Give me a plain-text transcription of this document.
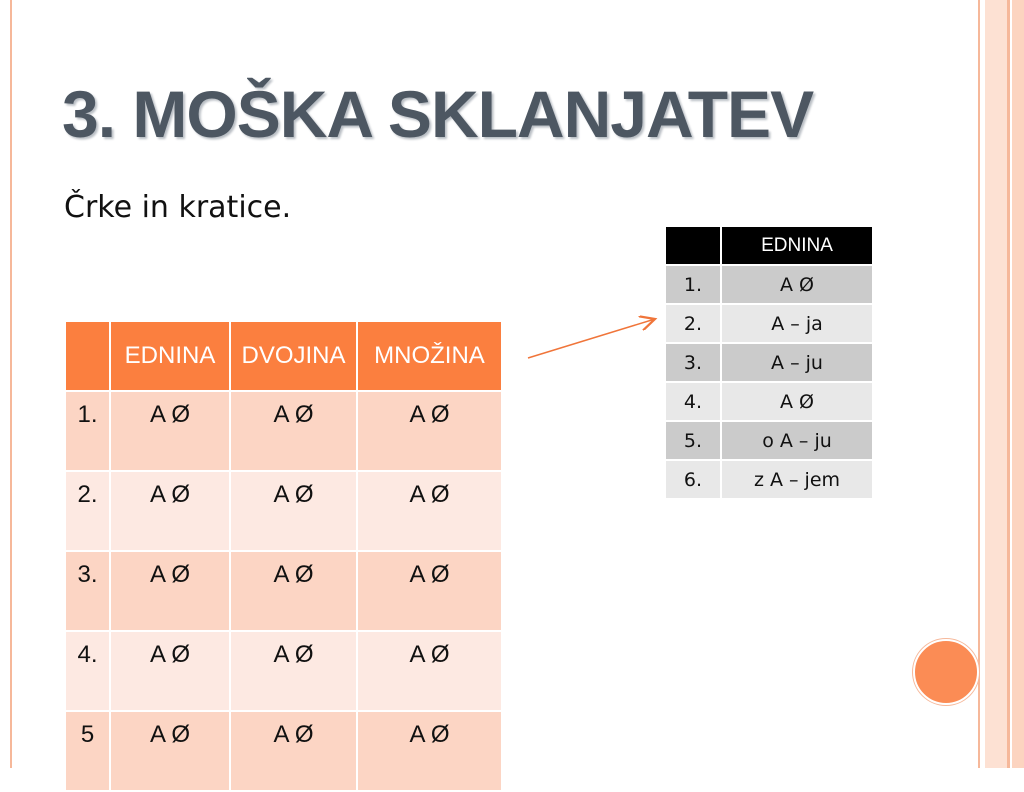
3. MOŠKA SKLANJATEV
Črke in kratice.
	EDNINA	DVOJINA	MNOŽINA
1.	A Ø	A Ø	A Ø
2.	A Ø	A Ø	A Ø
3.	A Ø	A Ø	A Ø
4.	A Ø	A Ø	A Ø
5	A Ø	A Ø	A Ø
	EDNINA
1.	A Ø
2.	A – ja
3.	A – ju
4.	A Ø
5.	o A – ju
6.	z A – jem
